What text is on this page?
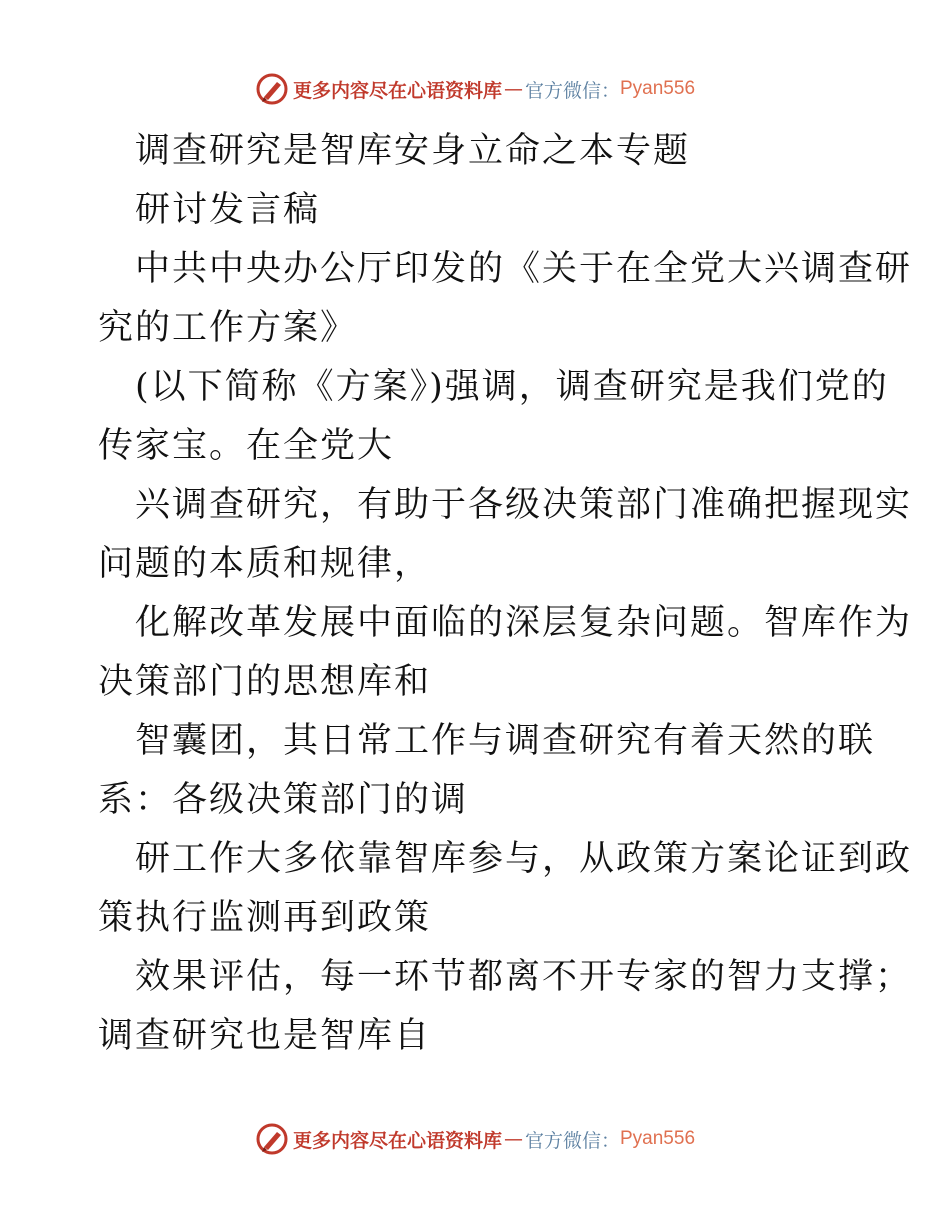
更多内容尽在心语资料库 — 官方微信： Pyan556

调查研究是智库安身立命之本专题

研讨发言稿

中共中央办公厅印发的《关于在全党大兴调查研
究的工作方案》

(以下简称《方案》)强调，调查研究是我们党的
传家宝。在全党大

兴调查研究，有助于各级决策部门准确把握现实
问题的本质和规律，

化解改革发展中面临的深层复杂问题。智库作为
决策部门的思想库和

智囊团，其日常工作与调查研究有着天然的联
系：各级决策部门的调

研工作大多依靠智库参与，从政策方案论证到政
策执行监测再到政策

效果评估，每一环节都离不开专家的智力支撑；
调查研究也是智库自

更多内容尽在心语资料库 — 官方微信： Pyan556
